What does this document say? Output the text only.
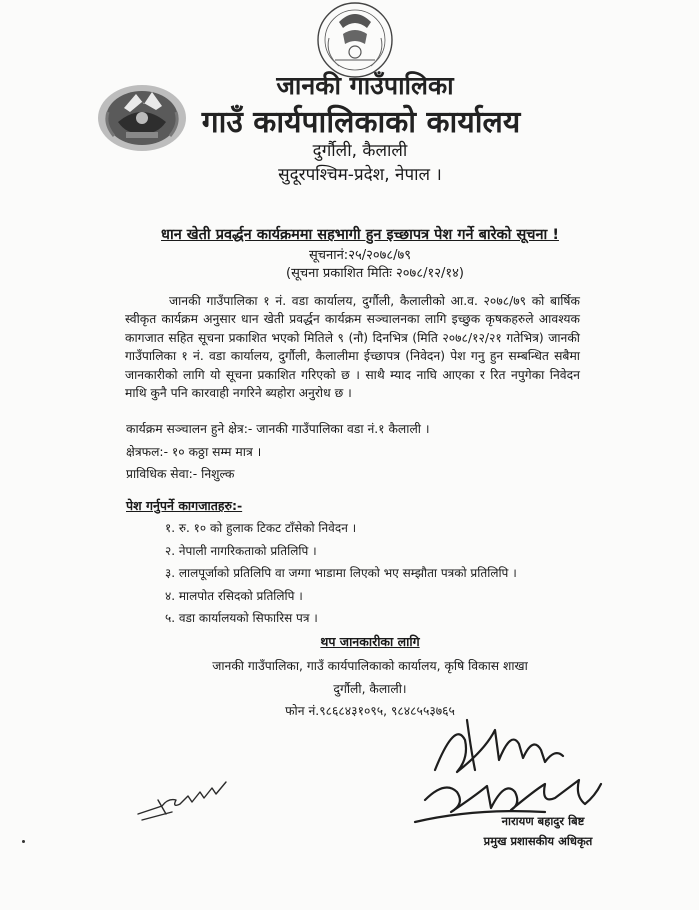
जानकी गाउँपालिका
गाउँ कार्यपालिकाको कार्यालय
दुर्गौली, कैलाली
सुदूरपश्चिम-प्रदेश, नेपाल ।
धान खेती प्रवर्द्धन कार्यक्रममा सहभागी हुन इच्छापत्र पेश गर्ने बारेको सूचना !
सूचनानं:२५/२०७८/७९
(सूचना प्रकाशित मितिः २०७८/१२/१४)

जानकी गाउँपालिका १ नं. वडा कार्यालय, दुर्गौली, कैलालीको आ.व. २०७८/७९ को बार्षिक स्वीकृत कार्यक्रम अनुसार धान खेती प्रवर्द्धन कार्यक्रम सञ्चालनका लागि इच्छुक कृषकहरुले आवश्यक कागजात सहित सूचना प्रकाशित भएको मितिले ९ (नौ) दिनभित्र (मिति २०७८/१२/२१ गतेभित्र) जानकी गाउँपालिका १ नं. वडा कार्यालय, दुर्गौली, कैलालीमा ईच्छापत्र (निवेदन) पेश गनु हुन सम्बन्धित सबैमा जानकारीको लागि यो सूचना प्रकाशित गरिएको छ । साथै म्याद नाघि आएका र रित नपुगेका निवेदन माथि कुनै पनि कारवाही नगरिने ब्यहोरा अनुरोध छ ।

कार्यक्रम सञ्चालन हुने क्षेत्र:- जानकी गाउँपालिका वडा नं.१ कैलाली ।
क्षेत्रफल:- १० कठ्ठा सम्म मात्र ।
प्राविधिक सेवा:- निशुल्क
पेश गर्नुपर्ने कागजातहरु:-
१. रु. १० को हुलाक टिकट टाँसेको निवेदन ।
२. नेपाली नागरिकताको प्रतिलिपि ।
३. लालपूर्जाको प्रतिलिपि वा जग्गा भाडामा लिएको भए सम्झौता पत्रको प्रतिलिपि ।
४. मालपोत रसिदको प्रतिलिपि ।
५. वडा कार्यालयको सिफारिस पत्र ।
थप जानकारीका लागि
जानकी गाउँपालिका, गाउँ कार्यपालिकाको कार्यालय, कृषि विकास शाखा
दुर्गौली, कैलाली।
फोन नं.९८६८४३१०९५, ९८४८५५३७६५
नारायण बहादुर बिष्ट
प्रमुख प्रशासकीय अधिकृत
